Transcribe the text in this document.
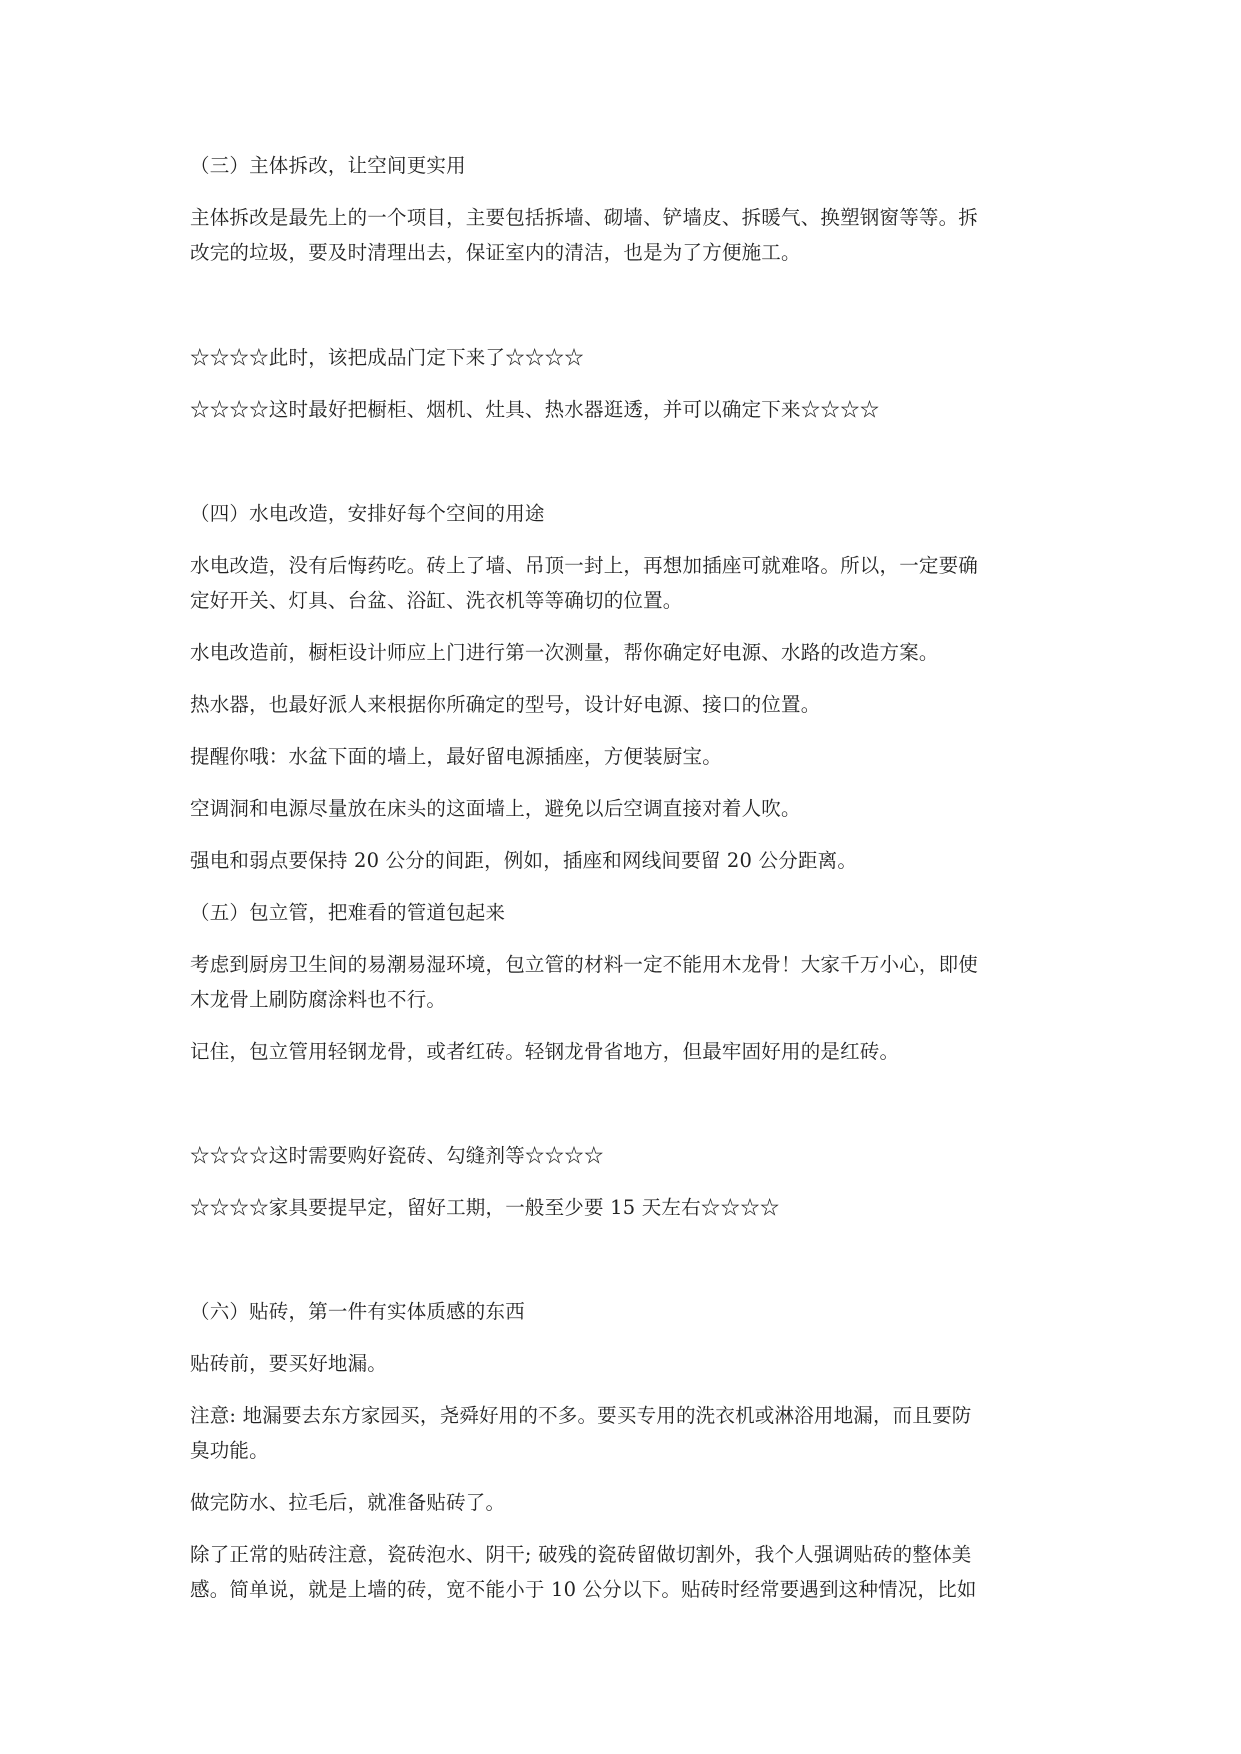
（三）主体拆改，让空间更实用
主体拆改是最先上的一个项目，主要包括拆墙、砌墙、铲墙皮、拆暖气、换塑钢窗等等。拆
改完的垃圾，要及时清理出去，保证室内的清洁，也是为了方便施工。
☆☆☆☆此时，该把成品门定下来了☆☆☆☆
☆☆☆☆这时最好把橱柜、烟机、灶具、热水器逛透，并可以确定下来☆☆☆☆
（四）水电改造，安排好每个空间的用途
水电改造，没有后悔药吃。砖上了墙、吊顶一封上，再想加插座可就难咯。所以，一定要确
定好开关、灯具、台盆、浴缸、洗衣机等等确切的位置。
水电改造前，橱柜设计师应上门进行第一次测量，帮你确定好电源、水路的改造方案。
热水器，也最好派人来根据你所确定的型号，设计好电源、接口的位置。
提醒你哦：水盆下面的墙上，最好留电源插座，方便装厨宝。
空调洞和电源尽量放在床头的这面墙上，避免以后空调直接对着人吹。
强电和弱点要保持 20 公分的间距，例如，插座和网线间要留 20 公分距离。
（五）包立管，把难看的管道包起来
考虑到厨房卫生间的易潮易湿环境，包立管的材料一定不能用木龙骨！大家千万小心，即使
木龙骨上刷防腐涂料也不行。
记住，包立管用轻钢龙骨，或者红砖。轻钢龙骨省地方，但最牢固好用的是红砖。
☆☆☆☆这时需要购好瓷砖、勾缝剂等☆☆☆☆
☆☆☆☆家具要提早定，留好工期，一般至少要 15 天左右☆☆☆☆
（六）贴砖，第一件有实体质感的东西
贴砖前，要买好地漏。
注意: 地漏要去东方家园买，尧舜好用的不多。要买专用的洗衣机或淋浴用地漏，而且要防
臭功能。
做完防水、拉毛后，就准备贴砖了。
除了正常的贴砖注意，瓷砖泡水、阴干; 破残的瓷砖留做切割外，我个人强调贴砖的整体美
感。简单说，就是上墙的砖，宽不能小于 10 公分以下。贴砖时经常要遇到这种情况，比如
